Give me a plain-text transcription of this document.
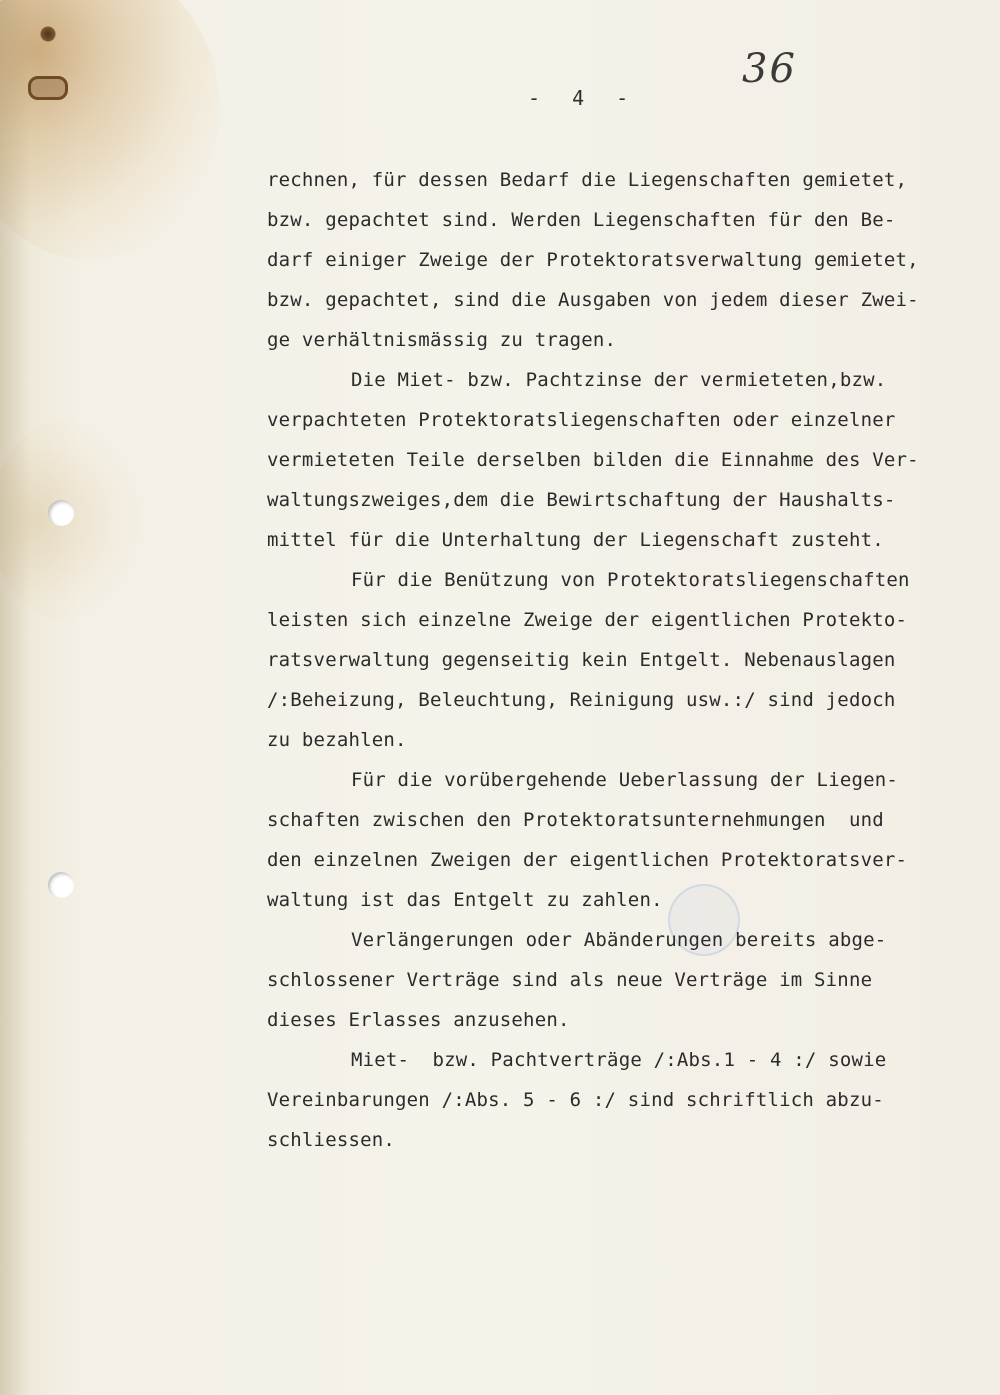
36
- 4 -

rechnen, für dessen Bedarf die Liegenschaften gemietet,
bzw. gepachtet sind. Werden Liegenschaften für den Be-
darf einiger Zweige der Protektoratsverwaltung gemietet,
bzw. gepachtet, sind die Ausgaben von jedem dieser Zwei-
ge verhältnismässig zu tragen.

Die Miet- bzw. Pachtzinse der vermieteten,bzw.
verpachteten Protektoratsliegenschaften oder einzelner
vermieteten Teile derselben bilden die Einnahme des Ver-
waltungszweiges,dem die Bewirtschaftung der Haushalts-
mittel für die Unterhaltung der Liegenschaft zusteht.

Für die Benützung von Protektoratsliegenschaften
leisten sich einzelne Zweige der eigentlichen Protekto-
ratsverwaltung gegenseitig kein Entgelt. Nebenauslagen
/:Beheizung, Beleuchtung, Reinigung usw.:/ sind jedoch
zu bezahlen.

Für die vorübergehende Ueberlassung der Liegen-
schaften zwischen den Protektoratsunternehmungen  und
den einzelnen Zweigen der eigentlichen Protektoratsver-
waltung ist das Entgelt zu zahlen.

Verlängerungen oder Abänderungen bereits abge-
schlossener Verträge sind als neue Verträge im Sinne
dieses Erlasses anzusehen.

Miet-  bzw. Pachtverträge /:Abs.1 - 4 :/ sowie
Vereinbarungen /:Abs. 5 - 6 :/ sind schriftlich abzu-
schliessen.
